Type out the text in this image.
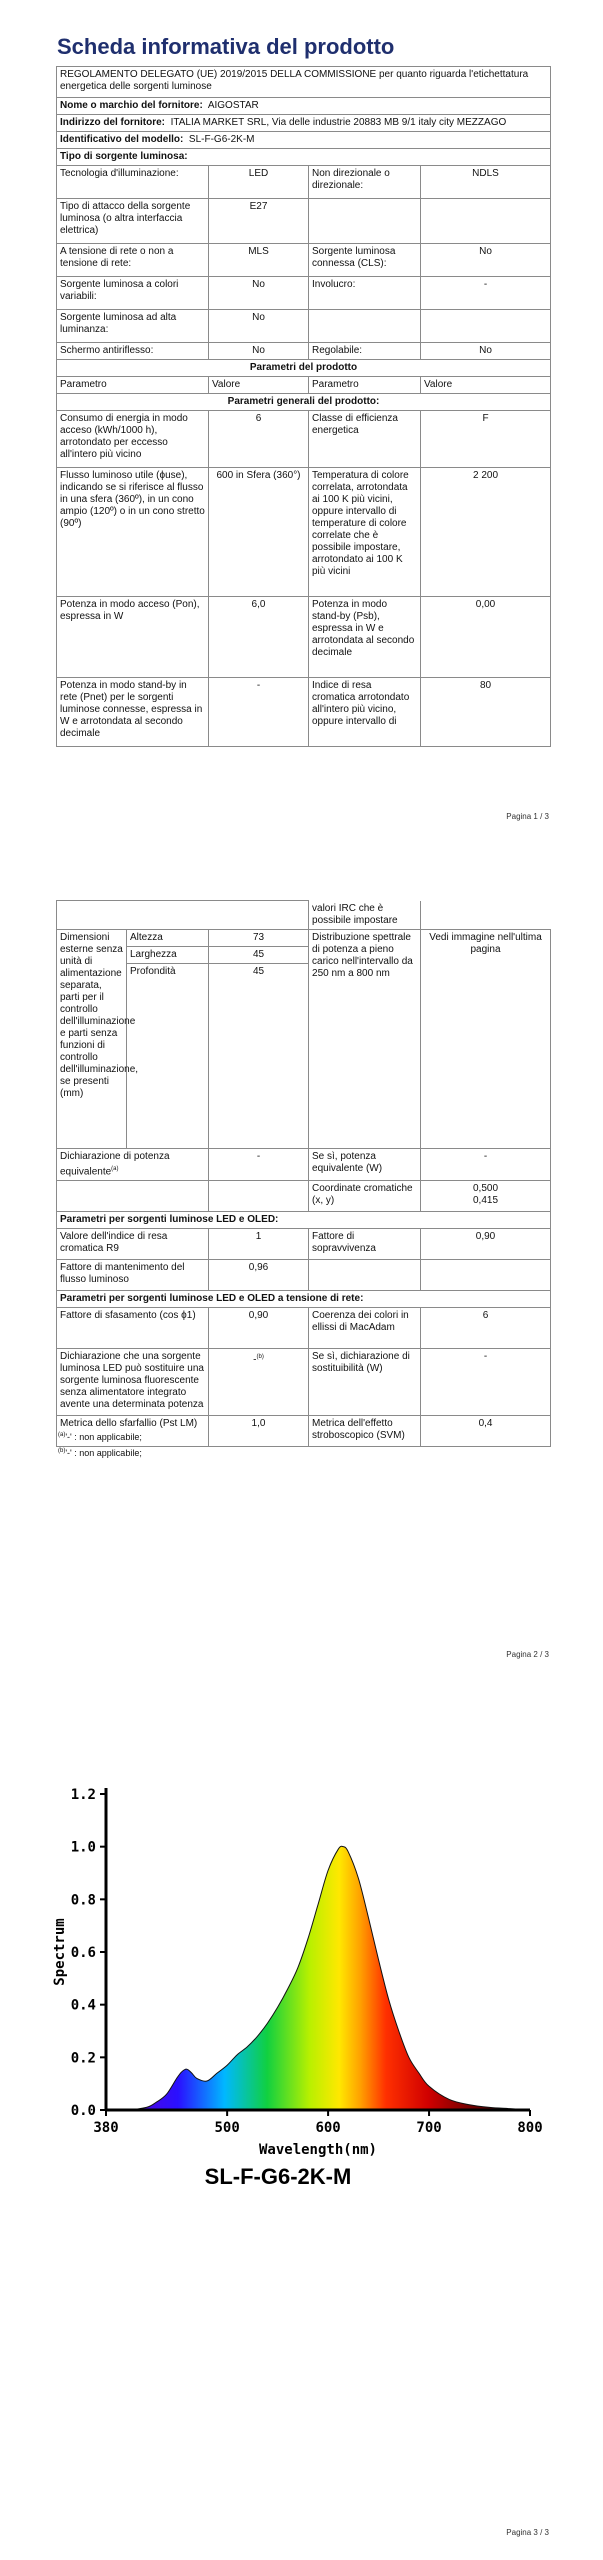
Scheda informativa del prodotto
REGOLAMENTO DELEGATO (UE) 2019/2015 DELLA COMMISSIONE per quanto riguarda l'etichettatura energetica delle sorgenti luminose			
Nome o marchio del fornitore: AIGOSTAR			
Indirizzo del fornitore: ITALIA MARKET SRL, Via delle industrie 20883 MB 9/1 italy city MEZZAGO			
Identificativo del modello: SL-F-G6-2K-M			
Tipo di sorgente luminosa:			
Tecnologia d'illuminazione:	LED	Non direzionale o direzionale:	NDLS
Tipo di attacco della sorgente luminosa (o altra interfaccia elettrica)	E27		
A tensione di rete o non a tensione di rete:	MLS	Sorgente luminosa connessa (CLS):	No
Sorgente luminosa a colori variabili:	No	Involucro:	-
Sorgente luminosa ad alta luminanza:	No		
Schermo antiriflesso:	No	Regolabile:	No
Parametri del prodotto			
Parametro	Valore	Parametro	Valore
Parametri generali del prodotto:			
Consumo di energia in modo acceso (kWh/1000 h), arrotondato per eccesso all'intero più vicino	6	Classe di efficienza energetica	F
Flusso luminoso utile (ϕuse), indicando se si riferisce al flusso in una sfera (360º), in un cono ampio (120º) o in un cono stretto (90º)	600 in Sfera (360°)	Temperatura di colore correlata, arrotondata ai 100 K più vicini, oppure intervallo di temperature di colore correlate che è possibile impostare, arrotondato ai 100 K più vicini	2 200
Potenza in modo acceso (Pon), espressa in W	6,0	Potenza in modo stand-by (Psb), espressa in W e arrotondata al secondo decimale	0,00
Potenza in modo stand-by in rete (Pnet) per le sorgenti luminose connesse, espressa in W e arrotondata al secondo decimale	-	Indice di resa cromatica arrotondato all'intero più vicino, oppure intervallo di	80
Pagina 1 / 3
			valori IRC che è possibile impostare	
Dimensioni esterne senza unità di alimentazione separata, parti per il controllo dell'illuminazione e parti senza funzioni di controllo dell'illuminazione, se presenti (mm)	Altezza	73	Distribuzione spettrale di potenza a pieno carico nell'intervallo da 250 nm a 800 nm	Vedi immagine nell'ultima pagina
	Larghezza	45		
	Profondità	45		
Dichiarazione di potenza equivalente$^{(a)}$		-	Se sì, potenza equivalente (W)	-
			Coordinate cromatiche (x, y)	0,500
0,415

Parametri per sorgenti luminose LED e OLED:				
Valore dell'indice di resa cromatica R9		1	Fattore di sopravvivenza	0,90
Fattore di mantenimento del flusso luminoso		0,96		
Parametri per sorgenti luminose LED e OLED a tensione di rete:				
Fattore di sfasamento (cos ϕ1)		0,90	Coerenza dei colori in ellissi di MacAdam	6
Dichiarazione che una sorgente luminosa LED può sostituire una sorgente luminosa fluorescente senza alimentatore integrato avente una determinata potenza		-$^{(b)}$	Se sì, dichiarazione di sostituibilità (W)	-
Metrica dello sfarfallio (Pst LM)		1,0	Metrica dell'effetto stroboscopico (SVM)	0,4
$^{(a)}$'-' : non applicabile;
$^{(b)}$'-' : non applicabile;
Pagina 2 / 3
380	500	600	700	800
0.0
0.2
0.4
0.6
0.8
1.0
1.2
Wavelength(nm)
Spectrum
SL-F-G6-2K-M
Pagina 3 / 3
